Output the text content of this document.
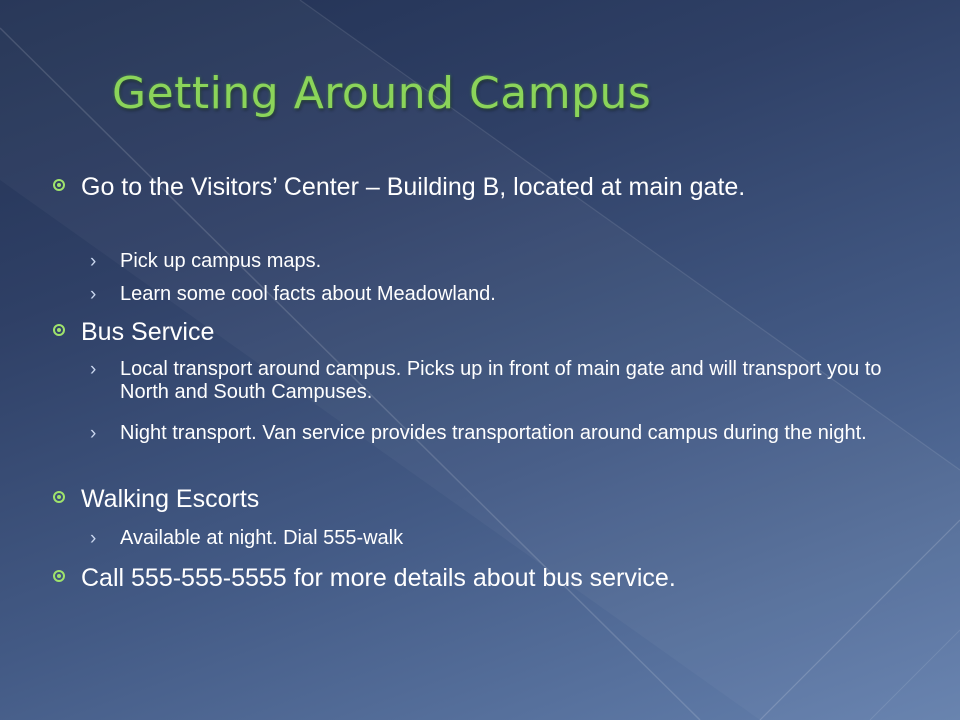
Getting Around Campus
Go to the Visitors’ Center – Building B, located at main gate.
› Pick up campus maps.
› Learn some cool facts about Meadowland.
Bus Service
› Local transport around campus. Picks up in front of main gate and will transport you to North and South Campuses.
› Night transport. Van service provides transportation around campus during the night.
Walking Escorts
› Available at night. Dial 555-walk
Call 555-555-5555 for more details about bus service.
